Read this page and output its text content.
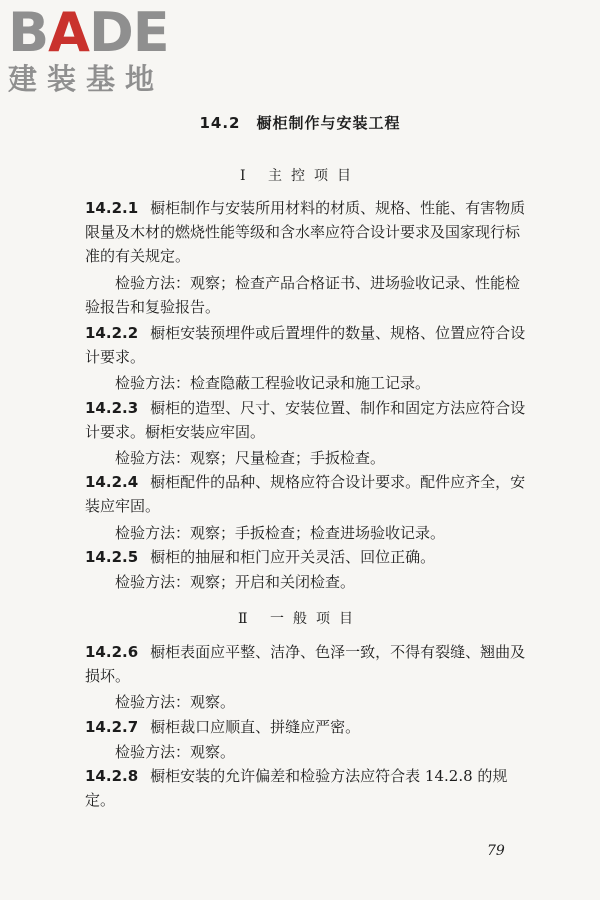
BADE
建装基地
14.2　橱柜制作与安装工程
Ⅰ 主控项目

14.2.1 橱柜制作与安装所用材料的材质、规格、性能、有害物质限量及木材的燃烧性能等级和含水率应符合设计要求及国家现行标准的有关规定。

检验方法：观察；检查产品合格证书、进场验收记录、性能检验报告和复验报告。

14.2.2 橱柜安装预埋件或后置埋件的数量、规格、位置应符合设计要求。

检验方法：检查隐蔽工程验收记录和施工记录。

14.2.3 橱柜的造型、尺寸、安装位置、制作和固定方法应符合设计要求。橱柜安装应牢固。

检验方法：观察；尺量检查；手扳检查。

14.2.4 橱柜配件的品种、规格应符合设计要求。配件应齐全，安装应牢固。

检验方法：观察；手扳检查；检查进场验收记录。

14.2.5 橱柜的抽屉和柜门应开关灵活、回位正确。

检验方法：观察；开启和关闭检查。

Ⅱ 一般项目

14.2.6 橱柜表面应平整、洁净、色泽一致，不得有裂缝、翘曲及损坏。

检验方法：观察。

14.2.7 橱柜裁口应顺直、拼缝应严密。

检验方法：观察。

14.2.8 橱柜安装的允许偏差和检验方法应符合表 14.2.8 的规定。

79
